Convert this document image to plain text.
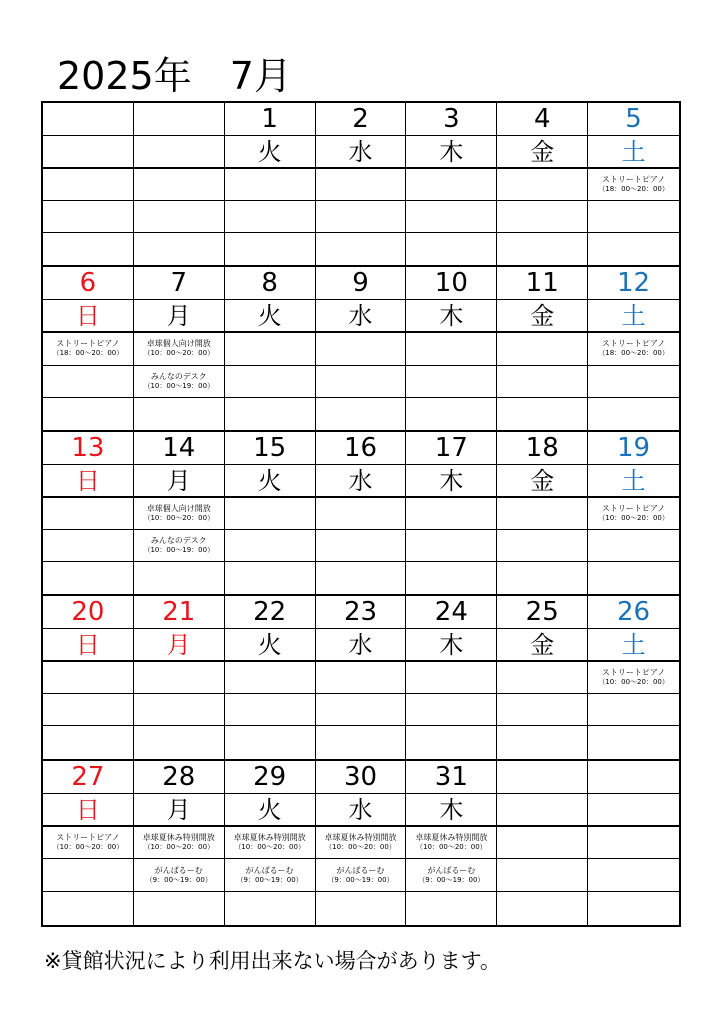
2025年　7月
1
火
2
水
3
木
4
金
5
土
ストリートピアノ
（18：00～20：00）
6
日
ストリートピアノ
（18：00～20：00）
7
月
卓球個人向け開放
（10：00～20：00）
みんなのデスク
（10：00～19：00）
8
火
9
水
10
木
11
金
12
土
ストリートピアノ
（18：00～20：00）
13
日
14
月
卓球個人向け開放
（10：00～20：00）
みんなのデスク
（10：00～19：00）
15
火
16
水
17
木
18
金
19
土
ストリートピアノ
（10：00～20：00）
20
日
21
月
22
火
23
水
24
木
25
金
26
土
ストリートピアノ
（10：00～20：00）
27
日
ストリートピアノ
（10：00～20：00）
28
月
卓球夏休み特別開放
（10：00～20：00）
がんばるーむ
（9：00～19：00）
29
火
卓球夏休み特別開放
（10：00～20：00）
がんばるーむ
（9：00～19：00）
30
水
卓球夏休み特別開放
（10：00～20：00）
がんばるーむ
（9：00～19：00）
31
木
卓球夏休み特別開放
（10：00～20：00）
がんばるーむ
（9：00～19：00）
※貸館状況により利用出来ない場合があります。
